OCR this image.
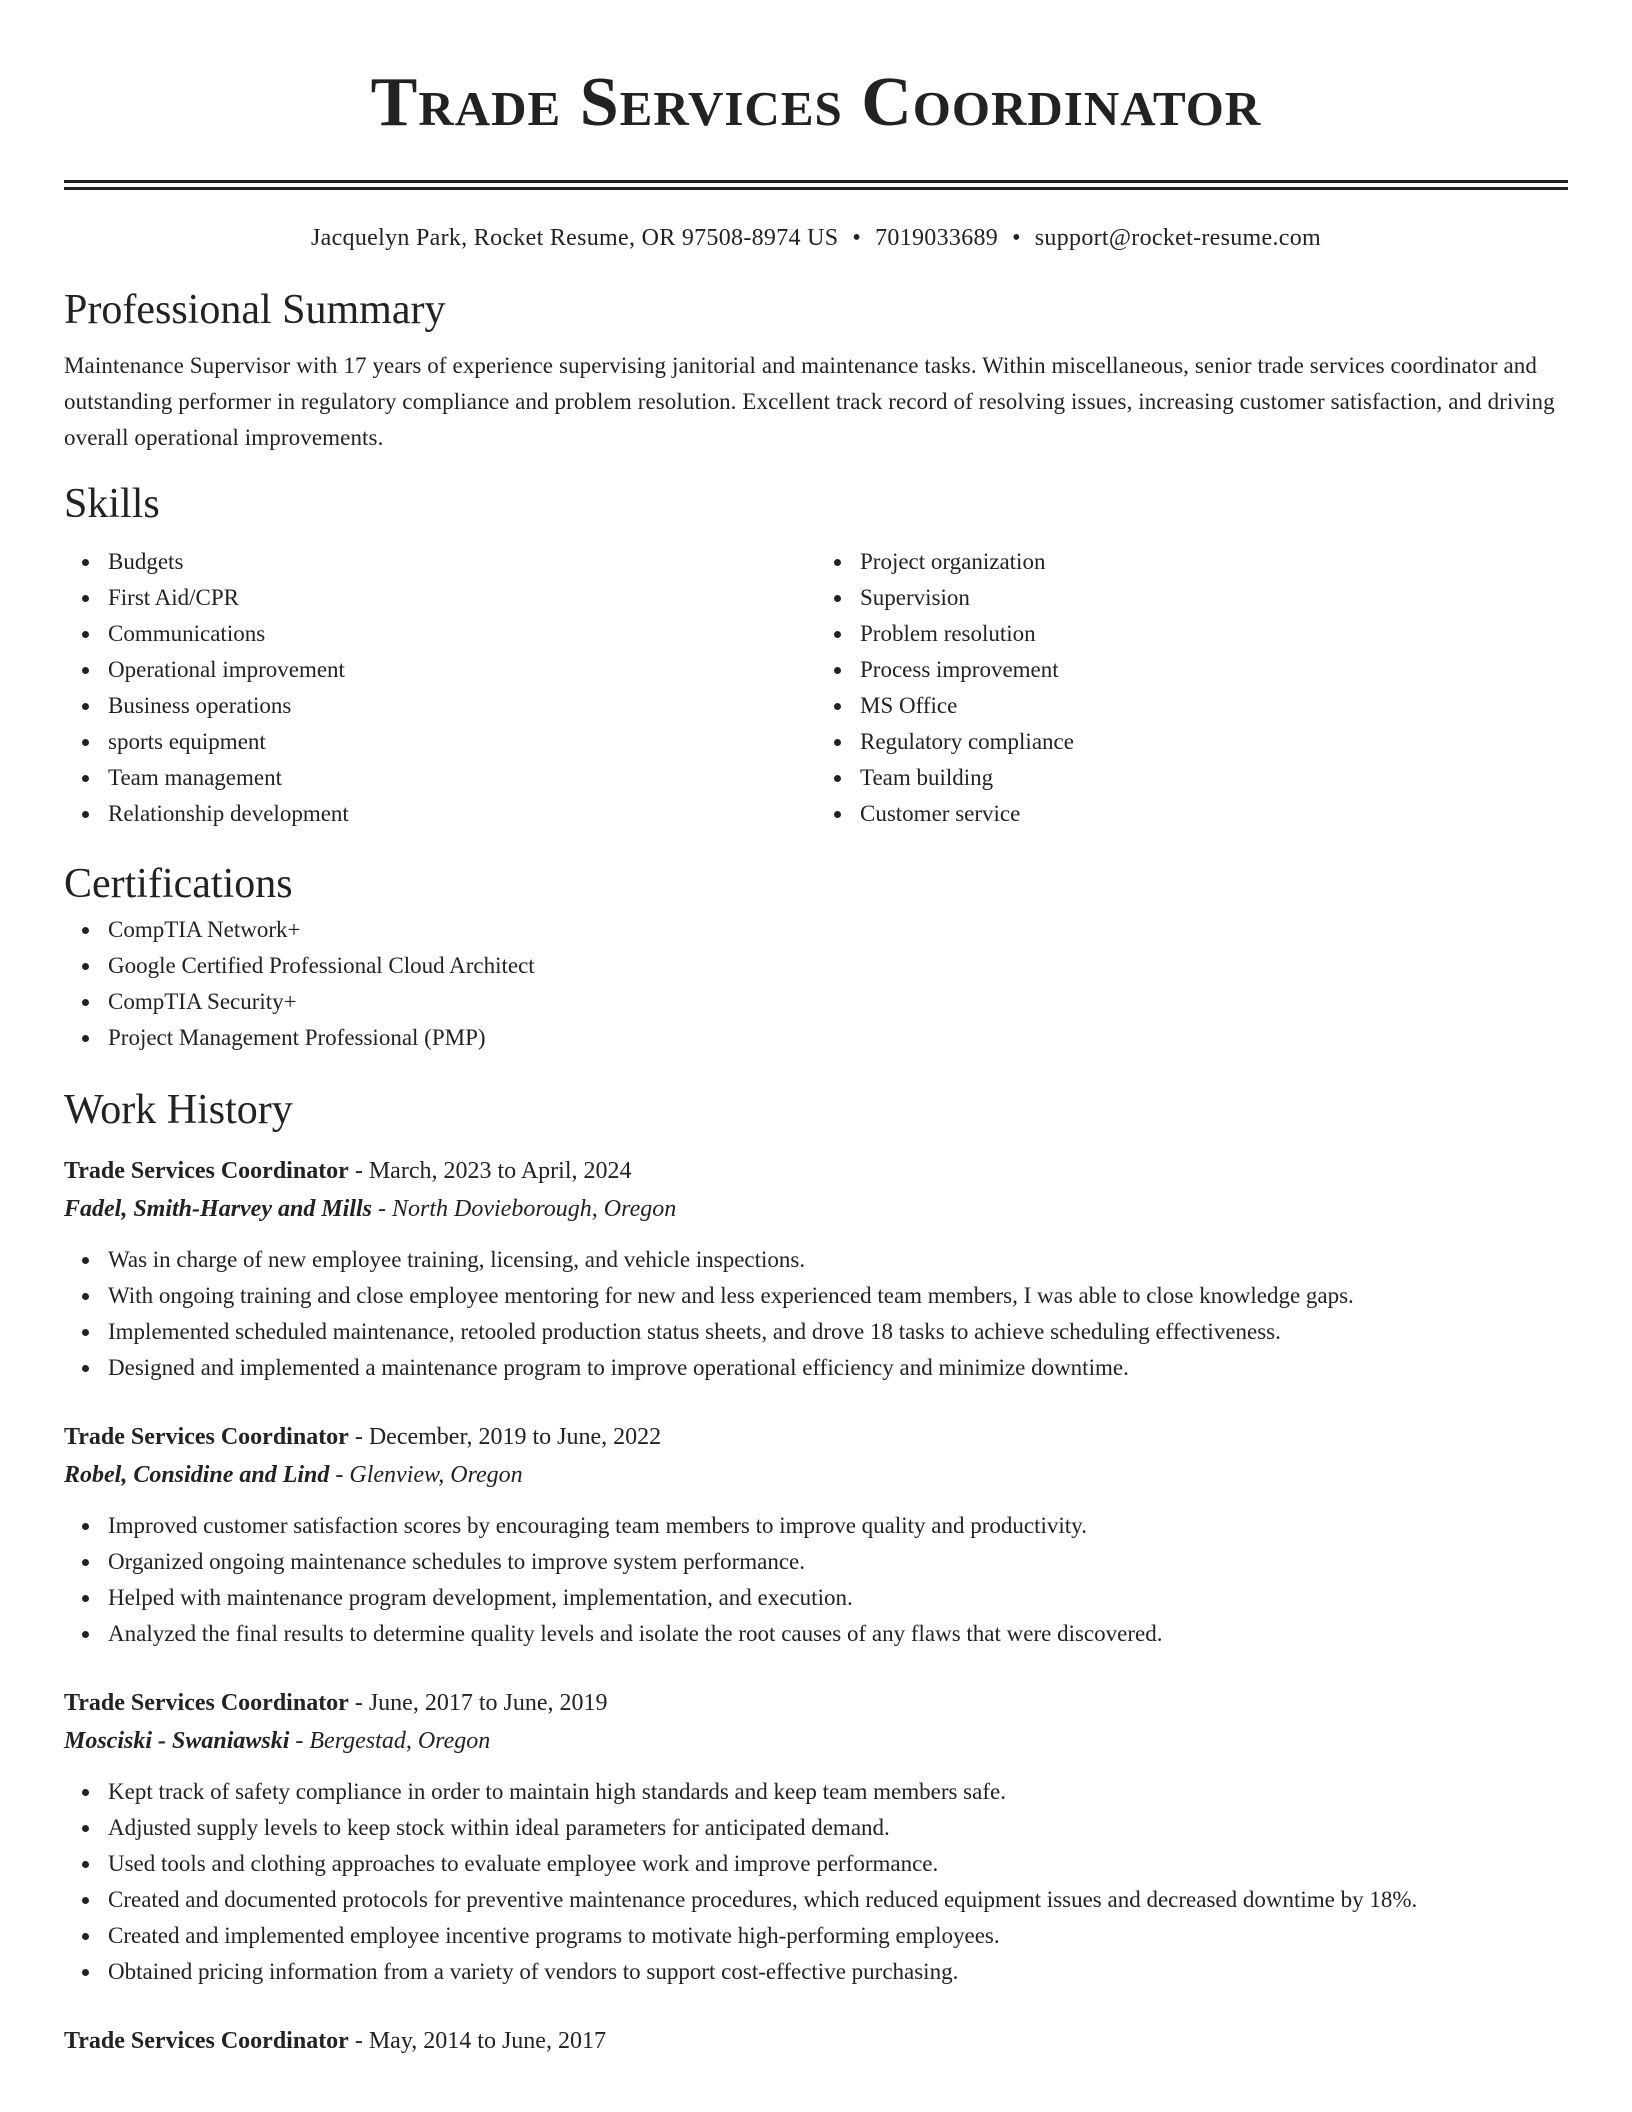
Trade Services Coordinator
Jacquelyn Park, Rocket Resume, OR 97508-8974 US • 7019033689 • support@rocket-resume.com
Professional Summary
Maintenance Supervisor with 17 years of experience supervising janitorial and maintenance tasks. Within miscellaneous, senior trade services coordinator and outstanding performer in regulatory compliance and problem resolution. Excellent track record of resolving issues, increasing customer satisfaction, and driving overall operational improvements.
Skills
Budgets
First Aid/CPR
Communications
Operational improvement
Business operations
sports equipment
Team management
Relationship development
Project organization
Supervision
Problem resolution
Process improvement
MS Office
Regulatory compliance
Team building
Customer service
Certifications
CompTIA Network+
Google Certified Professional Cloud Architect
CompTIA Security+
Project Management Professional (PMP)
Work History
Trade Services Coordinator - March, 2023 to April, 2024
Fadel, Smith-Harvey and Mills - North Dovieborough, Oregon
Was in charge of new employee training, licensing, and vehicle inspections.
With ongoing training and close employee mentoring for new and less experienced team members, I was able to close knowledge gaps.
Implemented scheduled maintenance, retooled production status sheets, and drove 18 tasks to achieve scheduling effectiveness.
Designed and implemented a maintenance program to improve operational efficiency and minimize downtime.
Trade Services Coordinator - December, 2019 to June, 2022
Robel, Considine and Lind - Glenview, Oregon
Improved customer satisfaction scores by encouraging team members to improve quality and productivity.
Organized ongoing maintenance schedules to improve system performance.
Helped with maintenance program development, implementation, and execution.
Analyzed the final results to determine quality levels and isolate the root causes of any flaws that were discovered.
Trade Services Coordinator - June, 2017 to June, 2019
Mosciski - Swaniawski - Bergestad, Oregon
Kept track of safety compliance in order to maintain high standards and keep team members safe.
Adjusted supply levels to keep stock within ideal parameters for anticipated demand.
Used tools and clothing approaches to evaluate employee work and improve performance.
Created and documented protocols for preventive maintenance procedures, which reduced equipment issues and decreased downtime by 18%.
Created and implemented employee incentive programs to motivate high-performing employees.
Obtained pricing information from a variety of vendors to support cost-effective purchasing.
Trade Services Coordinator - May, 2014 to June, 2017
